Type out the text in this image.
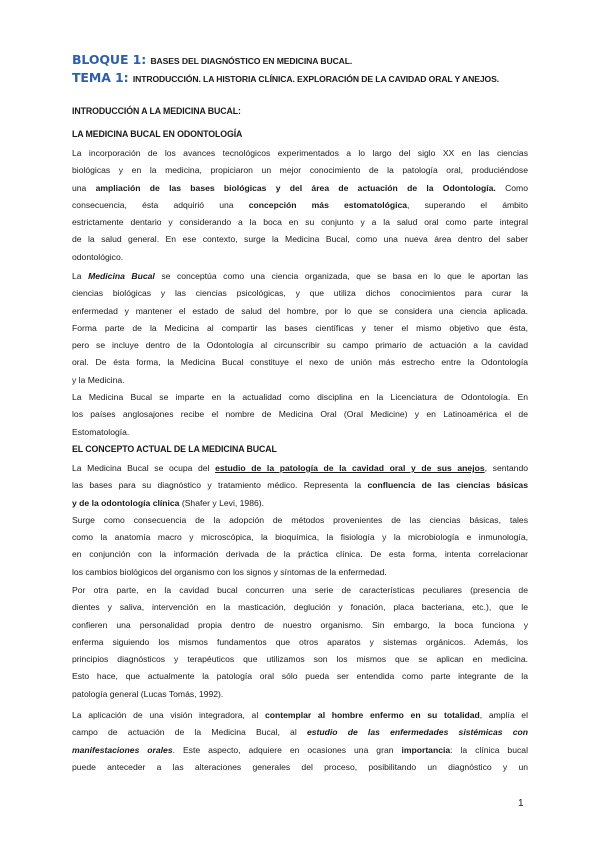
BLOQUE 1: BASES DEL DIAGNÓSTICO EN MEDICINA BUCAL.
TEMA 1: INTRODUCCIÓN. LA HISTORIA CLÍNICA. EXPLORACIÓN DE LA CAVIDAD ORAL Y ANEJOS.
INTRODUCCIÓN A LA MEDICINA BUCAL:
LA MEDICINA BUCAL EN ODONTOLOGÍA
La incorporación de los avances tecnológicos experimentados a lo largo del siglo XX en las ciencias
biológicas y en la medicina, propiciaron un mejor conocimiento de la patología oral, produciéndose
una ampliación de las bases biológicas y del área de actuación de la Odontología. Como
consecuencia, ésta adquirió una concepción más estomatológica, superando el ámbito
estrictamente dentario y considerando a la boca en su conjunto y a la salud oral como parte integral
de la salud general. En ese contexto, surge la Medicina Bucal, como una nueva área dentro del saber
odontológico.
La Medicina Bucal se conceptúa como una ciencia organizada, que se basa en lo que le aportan las
ciencias biológicas y las ciencias psicológicas, y que utiliza dichos conocimientos para curar la
enfermedad y mantener el estado de salud del hombre, por lo que se considera una ciencia aplicada.
Forma parte de la Medicina al compartir las bases científicas y tener el mismo objetivo que ésta,
pero se incluye dentro de la Odontología al circunscribir su campo primario de actuación a la cavidad
oral. De ésta forma, la Medicina Bucal constituye el nexo de unión más estrecho entre la Odontología
y la Medicina.
La Medicina Bucal se imparte en la actualidad como disciplina en la Licenciatura de Odontología. En
los países anglosajones recibe el nombre de Medicina Oral (Oral Medicine) y en Latinoamérica el de
Estomatología.
EL CONCEPTO ACTUAL DE LA MEDICINA BUCAL
La Medicina Bucal se ocupa del estudio de la patología de la cavidad oral y de sus anejos, sentando
las bases para su diagnóstico y tratamiento médico. Representa la confluencia de las ciencias básicas
y de la odontología clínica (Shafer y Levi, 1986).
Surge como consecuencia de la adopción de métodos provenientes de las ciencias básicas, tales
como la anatomía macro y microscópica, la bioquímica, la fisiología y la microbiología e inmunología,
en conjunción con la información derivada de la práctica clínica. De esta forma, intenta correlacionar
los cambios biológicos del organismo con los signos y síntomas de la enfermedad.
Por otra parte, en la cavidad bucal concurren una serie de características peculiares (presencia de
dientes y saliva, intervención en la masticación, deglución y fonación, placa bacteriana, etc.), que le
confieren una personalidad propia dentro de nuestro organismo. Sin embargo, la boca funciona y
enferma siguiendo los mismos fundamentos que otros aparatos y sistemas orgánicos. Además, los
principios diagnósticos y terapéuticos que utilizamos son los mismos que se aplican en medicina.
Esto hace, que actualmente la patología oral sólo pueda ser entendida como parte integrante de la
patología general (Lucas Tomás, 1992).
La aplicación de una visión integradora, al contemplar al hombre enfermo en su totalidad, amplía el
campo de actuación de la Medicina Bucal, al estudio de las enfermedades sistémicas con
manifestaciones orales. Este aspecto, adquiere en ocasiones una gran importancia: la clínica bucal
puede anteceder a las alteraciones generales del proceso, posibilitando un diagnóstico y un
1
